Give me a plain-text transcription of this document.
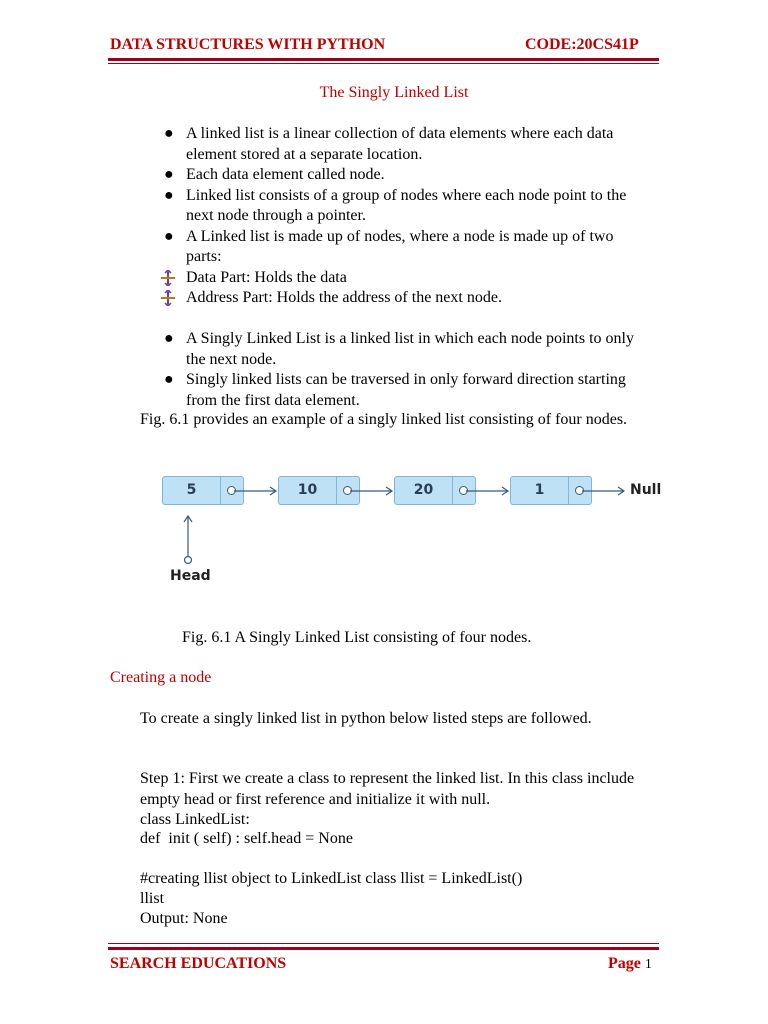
DATA STRUCTURES WITH PYTHON	CODE:20CS41P
The Singly Linked List
● A linked list is a linear collection of data elements where each data element stored at a separate location.
● Each data element called node.
● Linked list consists of a group of nodes where each node point to the next node through a pointer.
● A Linked list is made up of nodes, where a node is made up of two parts:
Data Part: Holds the data
Address Part: Holds the address of the next node.
● A Singly Linked List is a linked list in which each node points to only the next node.
● Singly linked lists can be traversed in only forward direction starting from the first data element.
Fig. 6.1 provides an example of a singly linked list consisting of four nodes.
5	10	20	1	Null
Head
Fig. 6.1 A Singly Linked List consisting of four nodes.
Creating a node
To create a singly linked list in python below listed steps are followed.
Step 1: First we create a class to represent the linked list. In this class include empty head or first reference and initialize it with null.
class LinkedList:
def  init ( self) : self.head = None
#creating llist object to LinkedList class llist = LinkedList()
llist
Output: None
SEARCH EDUCATIONS	Page 1
